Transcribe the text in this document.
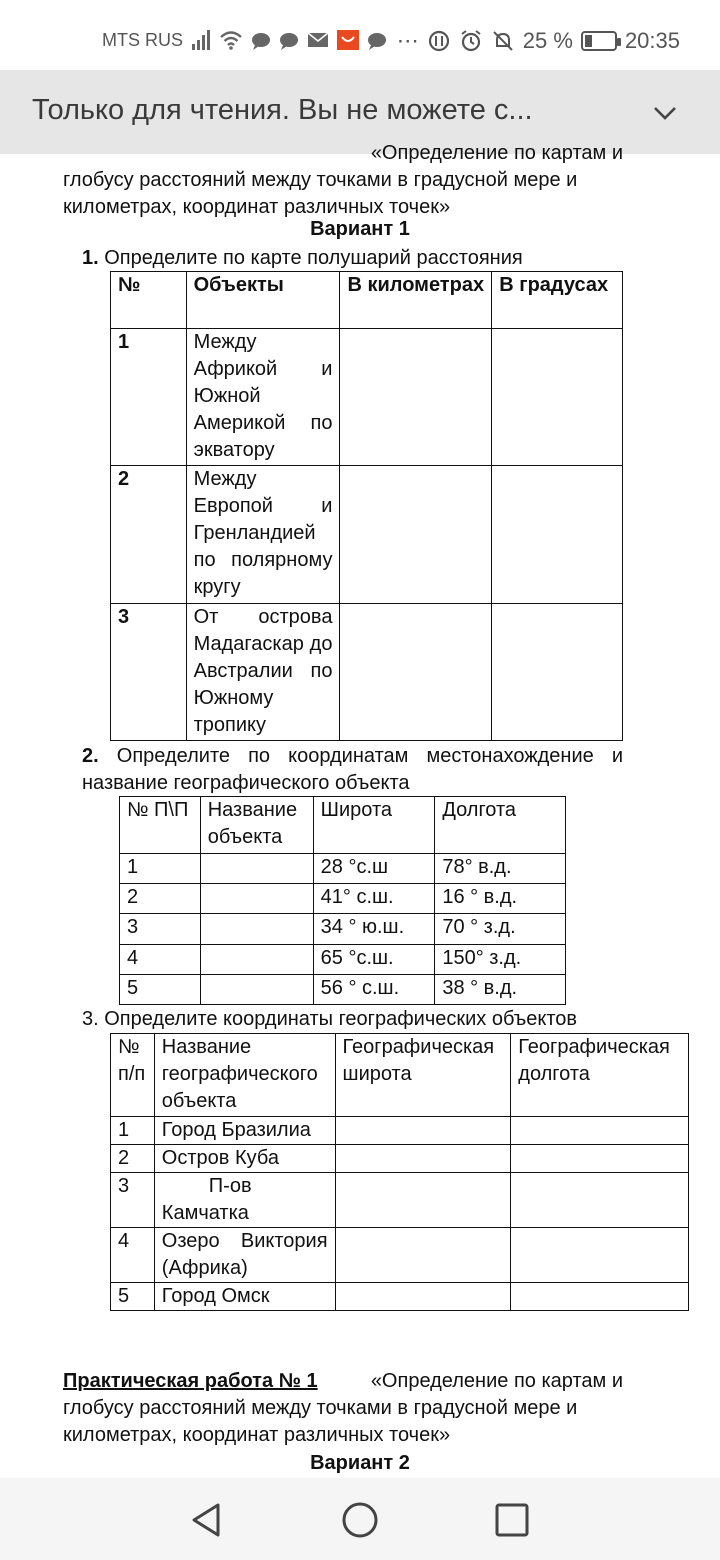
MTS RUS	⋯	25 % 20:35
Только для чтения. Вы не можете с...
«Определение по картам и
глобусу расстояний между точками в градусной мере и
километрах, координат различных точек»
Вариант 1
1. Определите по карте полушарий расстояния
№	Объекты	В километрах	В градусах
1	Между Африкой и Южной Америкой по экватору		
2	Между Европой и Гренландией по полярному кругу		
3	От острова Мадагаскар до Австралии по Южному тропику		
2. Определите по координатам местонахождение и название географического объекта
№ П\П	Название объекта	Широта	Долгота
1		28 °с.ш	78° в.д.
2		41° с.ш.	16 ° в.д.
3		34 ° ю.ш.	70 ° з.д.
4		65 °с.ш.	150° з.д.
5		56 ° с.ш.	38 ° в.д.
3. Определите координаты географических объектов
№ п/п	Название географического объекта	Географическая широта	Географическая долгота
1	Город Бразилиа		
2	Остров Куба		
3	П-ов Камчатка		
4	Озеро Виктория (Африка)		
5	Город Омск		
Практическая работа № 1	«Определение по картам и
глобусу расстояний между точками в градусной мере и
километрах, координат различных точек»
Вариант 2
